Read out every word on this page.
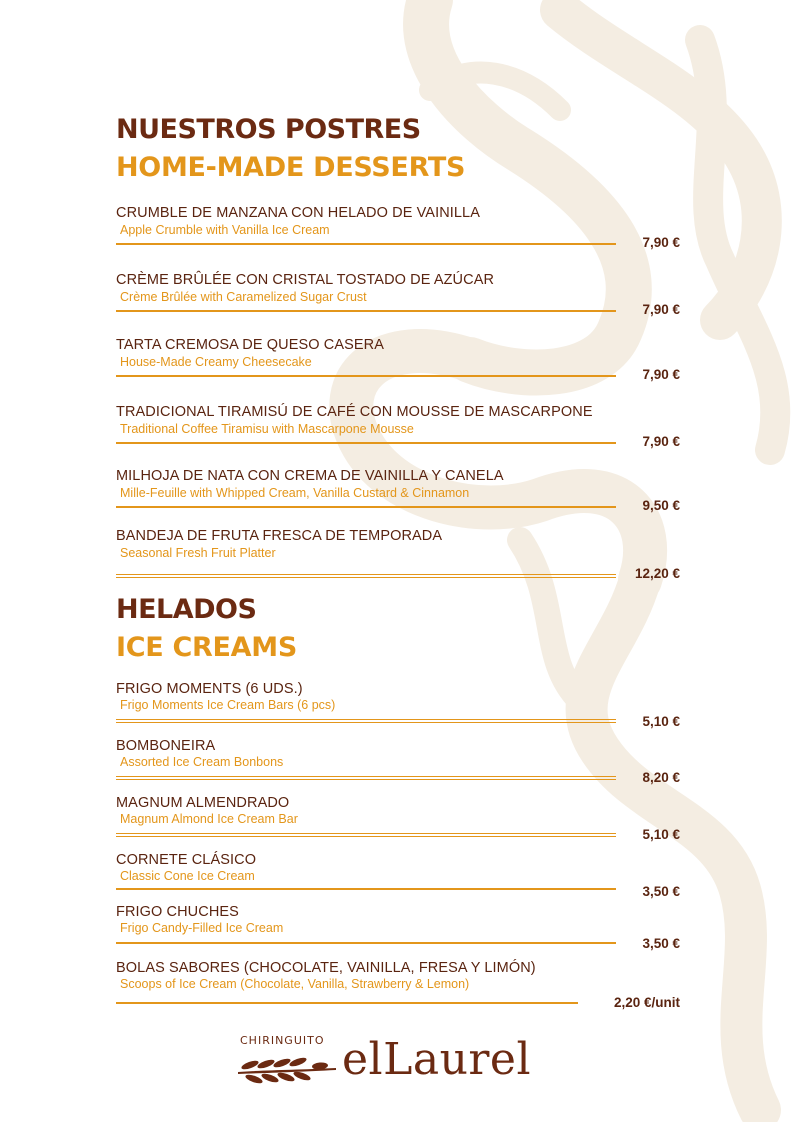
NUESTROS POSTRES
HOME-MADE DESSERTS
CRUMBLE DE MANZANA CON HELADO DE VAINILLA
Apple Crumble with Vanilla Ice Cream
7,90 €
CRÈME BRÛLÉE CON CRISTAL TOSTADO DE AZÚCAR
Crème Brûlée with Caramelized Sugar Crust
7,90 €
TARTA CREMOSA DE QUESO CASERA
House-Made Creamy Cheesecake
7,90 €
TRADICIONAL TIRAMISÚ DE CAFÉ CON MOUSSE DE MASCARPONE
Traditional Coffee Tiramisu with Mascarpone Mousse
7,90 €
MILHOJA DE NATA CON CREMA DE VAINILLA Y CANELA
Mille-Feuille with Whipped Cream, Vanilla Custard & Cinnamon
9,50 €
BANDEJA DE FRUTA FRESCA DE TEMPORADA
Seasonal Fresh Fruit Platter
12,20 €
HELADOS
ICE CREAMS
FRIGO MOMENTS (6 UDS.)
Frigo Moments Ice Cream Bars (6 pcs)
5,10 €
BOMBONEIRA
Assorted Ice Cream Bonbons
8,20 €
MAGNUM ALMENDRADO
Magnum Almond Ice Cream Bar
5,10 €
CORNETE CLÁSICO
Classic Cone Ice Cream
3,50 €
FRIGO CHUCHES
Frigo Candy-Filled Ice Cream
3,50 €
BOLAS SABORES (CHOCOLATE, VAINILLA, FRESA Y LIMÓN)
Scoops of Ice Cream (Chocolate, Vanilla, Strawberry & Lemon)
2,20 €/unit
CHIRINGUITO elLaurel
